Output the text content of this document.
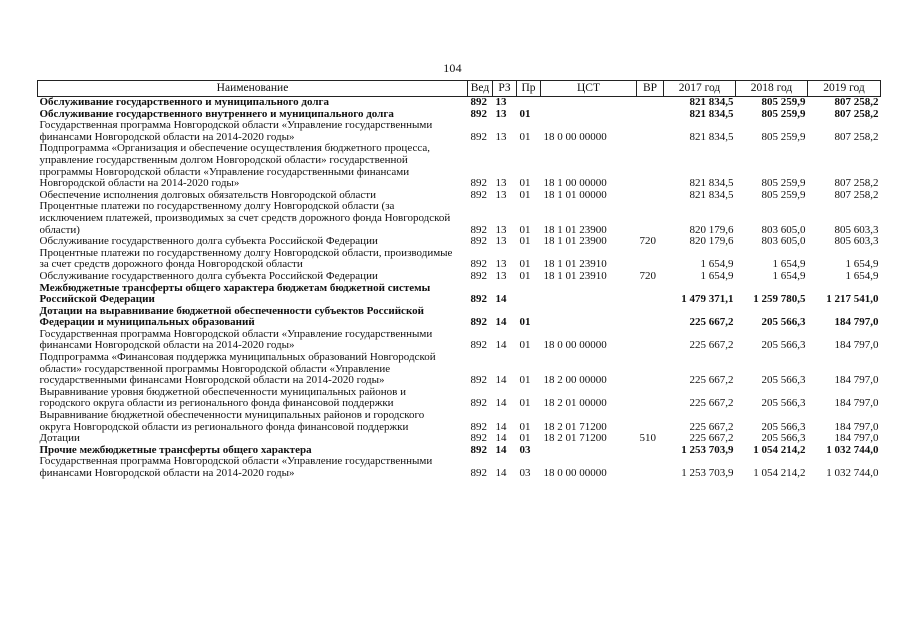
104
Наименование	Вед	РЗ	Пр	ЦСТ	ВР	2017 год	2018 год	2019 год
Обслуживание государственного и муниципального долга	892	13				821 834,5	805 259,9	807 258,2
Обслуживание государственного внутреннего и муниципального долга	892	13	01			821 834,5	805 259,9	807 258,2
Государственная программа Новгородской области «Управление государственными финансами Новгородской области на 2014-2020 годы»	892	13	01	18 0 00 00000		821 834,5	805 259,9	807 258,2
Подпрограмма «Организация и обеспечение осуществления бюджетного процесса, управление государственным долгом Новгородской области» государственной программы Новгородской области «Управление государственными финансами Новгородской области на 2014-2020 годы»	892	13	01	18 1 00 00000		821 834,5	805 259,9	807 258,2
Обеспечение исполнения долговых обязательств Новгородской области	892	13	01	18 1 01 00000		821 834,5	805 259,9	807 258,2
Процентные платежи по государственному долгу Новгородской области (за исключением платежей, производимых за счет средств дорожного фонда Новгородской области)	892	13	01	18 1 01 23900		820 179,6	803 605,0	805 603,3
Обслуживание государственного долга субъекта Российской Федерации	892	13	01	18 1 01 23900	720	820 179,6	803 605,0	805 603,3
Процентные платежи по государственному долгу Новгородской области, производимые за счет средств дорожного фонда Новгородской области	892	13	01	18 1 01 23910		1 654,9	1 654,9	1 654,9
Обслуживание государственного долга субъекта Российской Федерации	892	13	01	18 1 01 23910	720	1 654,9	1 654,9	1 654,9
Межбюджетные трансферты общего характера бюджетам бюджетной системы Российской Федерации	892	14				1 479 371,1	1 259 780,5	1 217 541,0
Дотации на выравнивание бюджетной обеспеченности субъектов Российской Федерации и муниципальных образований	892	14	01			225 667,2	205 566,3	184 797,0
Государственная программа Новгородской области «Управление государственными финансами Новгородской области на 2014-2020 годы»	892	14	01	18 0 00 00000		225 667,2	205 566,3	184 797,0
Подпрограмма «Финансовая поддержка муниципальных образований Новгородской области» государственной программы Новгородской области «Управление государственными финансами Новгородской области на 2014-2020 годы»	892	14	01	18 2 00 00000		225 667,2	205 566,3	184 797,0
Выравнивание уровня бюджетной обеспеченности муниципальных районов и городского округа области из регионального фонда финансовой поддержки	892	14	01	18 2 01 00000		225 667,2	205 566,3	184 797,0
Выравнивание бюджетной обеспеченности муниципальных районов и городского округа Новгородской области из регионального фонда финансовой поддержки	892	14	01	18 2 01 71200		225 667,2	205 566,3	184 797,0
Дотации	892	14	01	18 2 01 71200	510	225 667,2	205 566,3	184 797,0
Прочие межбюджетные трансферты общего характера	892	14	03			1 253 703,9	1 054 214,2	1 032 744,0
Государственная программа Новгородской области «Управление государственными финансами Новгородской области на 2014-2020 годы»	892	14	03	18 0 00 00000		1 253 703,9	1 054 214,2	1 032 744,0
